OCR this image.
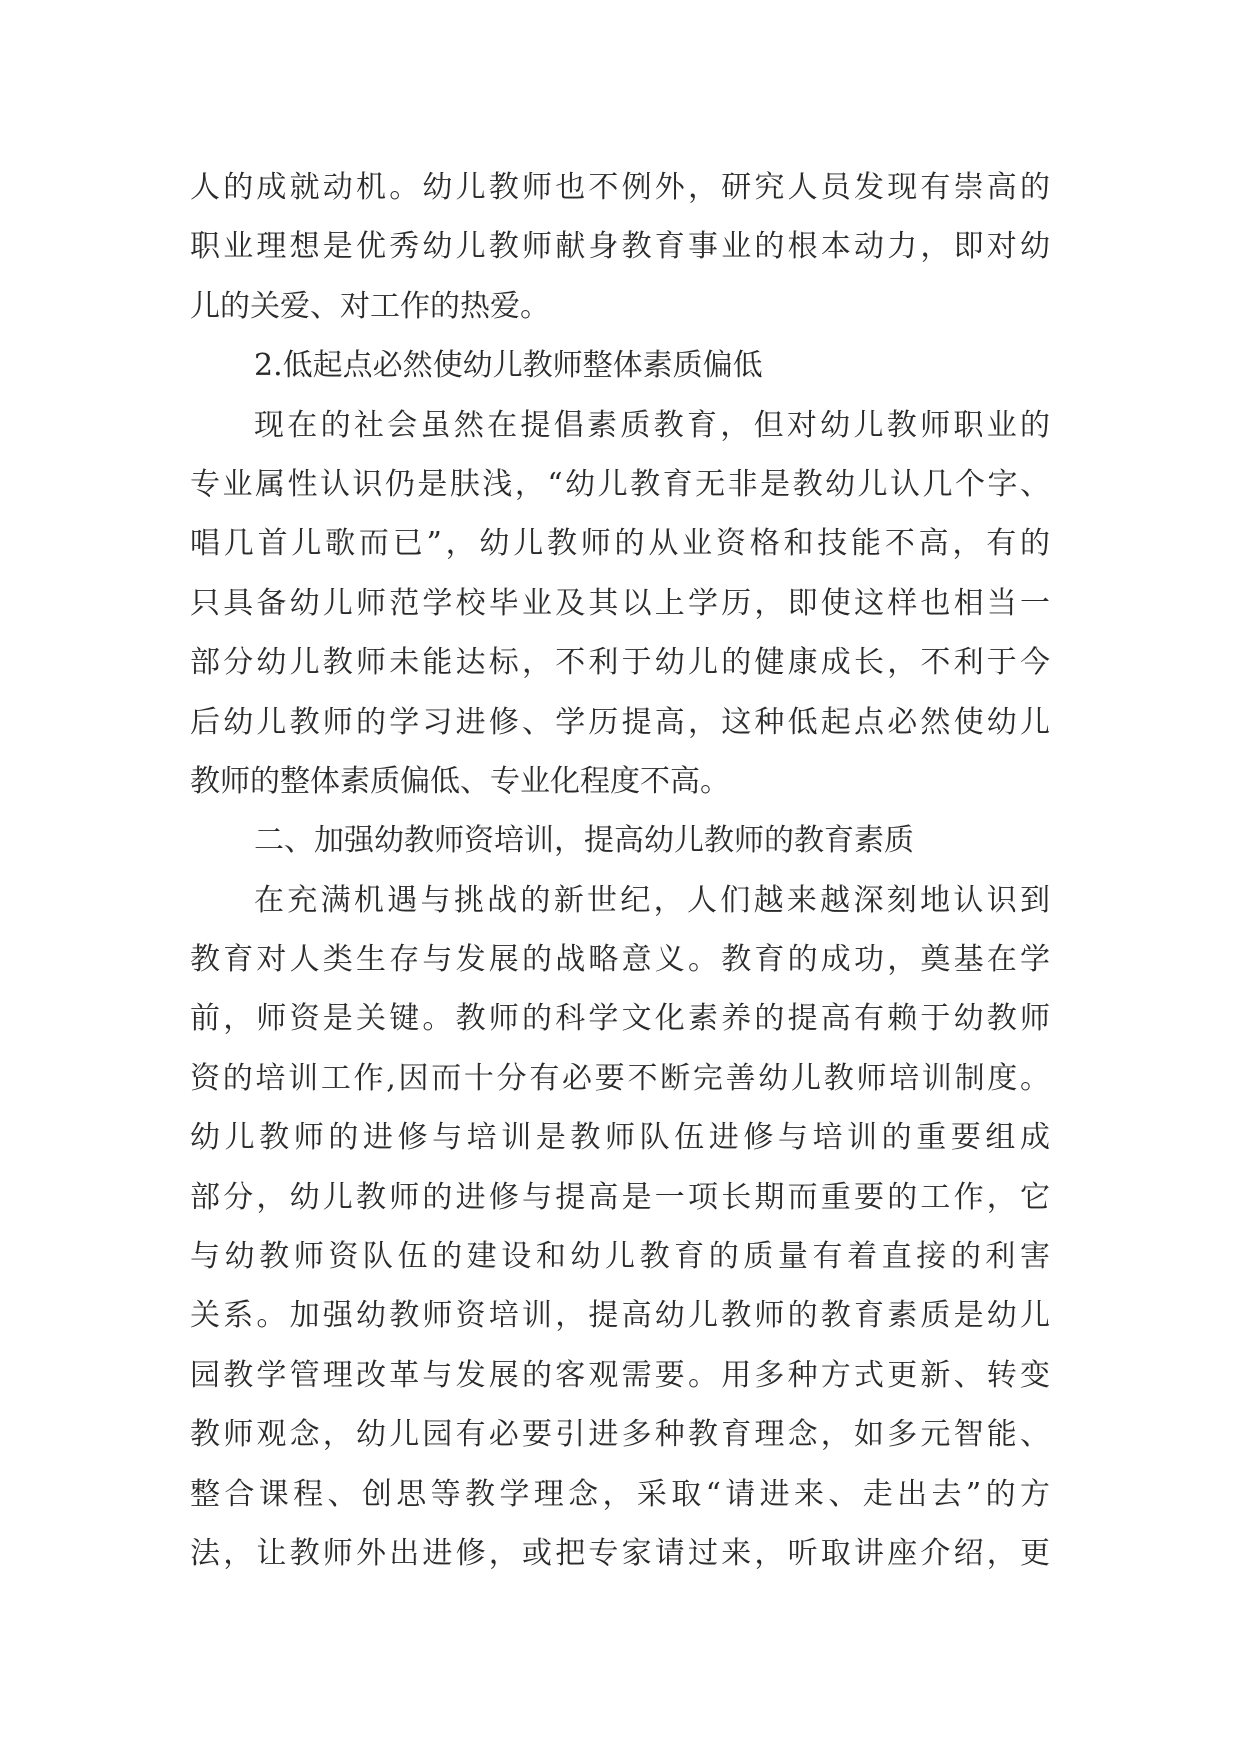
人的成就动机。幼儿教师也不例外，研究人员发现有崇高的
职业理想是优秀幼儿教师献身教育事业的根本动力，即对幼
儿的关爱、对工作的热爱。
2.低起点必然使幼儿教师整体素质偏低
现在的社会虽然在提倡素质教育，但对幼儿教师职业的
专业属性认识仍是肤浅，“幼儿教育无非是教幼儿认几个字、
唱几首儿歌而已”，幼儿教师的从业资格和技能不高，有的
只具备幼儿师范学校毕业及其以上学历，即使这样也相当一
部分幼儿教师未能达标，不利于幼儿的健康成长，不利于今
后幼儿教师的学习进修、学历提高，这种低起点必然使幼儿
教师的整体素质偏低、专业化程度不高。
二、加强幼教师资培训，提高幼儿教师的教育素质
在充满机遇与挑战的新世纪，人们越来越深刻地认识到
教育对人类生存与发展的战略意义。教育的成功，奠基在学
前，师资是关键。教师的科学文化素养的提高有赖于幼教师
资的培训工作,因而十分有必要不断完善幼儿教师培训制度。
幼儿教师的进修与培训是教师队伍进修与培训的重要组成
部分，幼儿教师的进修与提高是一项长期而重要的工作，它
与幼教师资队伍的建设和幼儿教育的质量有着直接的利害
关系。加强幼教师资培训，提高幼儿教师的教育素质是幼儿
园教学管理改革与发展的客观需要。用多种方式更新、转变
教师观念，幼儿园有必要引进多种教育理念，如多元智能、
整合课程、创思等教学理念，采取“请进来、走出去”的方
法，让教师外出进修，或把专家请过来，听取讲座介绍，更
